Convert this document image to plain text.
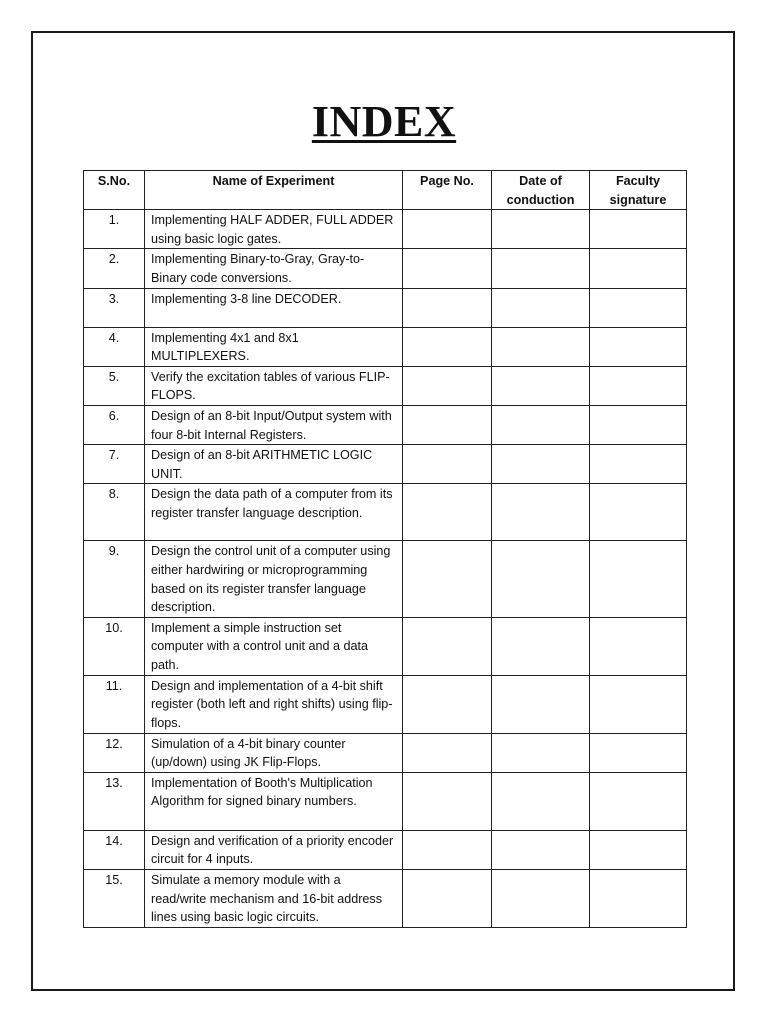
INDEX
S.No.	Name of Experiment	Page No.	Date of conduction	Faculty signature
1.	Implementing HALF ADDER, FULL ADDER using basic logic gates.			
2.	Implementing Binary-to-Gray, Gray-to-Binary code conversions.			
3.	Implementing 3-8 line DECODER.			
4.	Implementing 4x1 and 8x1 MULTIPLEXERS.			
5.	Verify the excitation tables of various FLIP-FLOPS.			
6.	Design of an 8-bit Input/Output system with four 8-bit Internal Registers.			
7.	Design of an 8-bit ARITHMETIC LOGIC UNIT.			
8.	Design the data path of a computer from its register transfer language description.			
9.	Design the control unit of a computer using either hardwiring or microprogramming based on its register transfer language description.			
10.	Implement a simple instruction set computer with a control unit and a data path.			
11.	Design and implementation of a 4-bit shift register (both left and right shifts) using flip-flops.			
12.	Simulation of a 4-bit binary counter (up/down) using JK Flip-Flops.			
13.	Implementation of Booth's Multiplication Algorithm for signed binary numbers.			
14.	Design and verification of a priority encoder circuit for 4 inputs.			
15.	Simulate a memory module with a read/write mechanism and 16-bit address lines using basic logic circuits.			
